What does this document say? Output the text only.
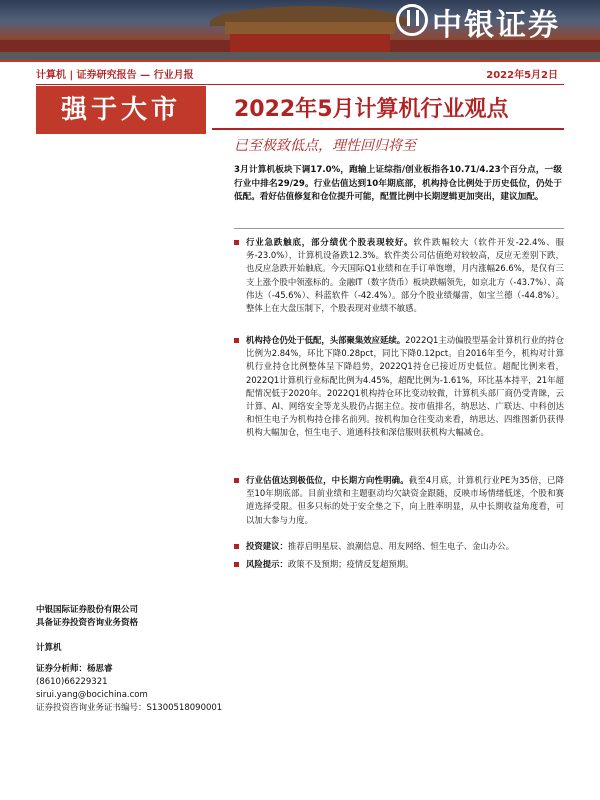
中银证券
计算机 | 证券研究报告 — 行业月报	2022年5月2日
强于大市	2022年5月计算机行业观点
已至极致低点，理性回归将至
3月计算机板块下调17.0%，跑输上证综指/创业板指各10.71/4.23个百分点，一级行业中排名29/29。行业估值达到10年期底部，机构持仓比例处于历史低位，仍处于低配。看好估值修复和仓位提升可能，配置比例中长期逻辑更加突出，建议加配。
行业急跌触底，部分绩优个股表现较好。软件跌幅较大（软件开发-22.4%、服务-23.0%），计算机设备跌12.3%。软件类公司估值绝对较较高，反应无差别下跌，也反应急跌开始触底。今天国际Q1业绩和在手订单饱增，月内涨幅26.6%，是仅有三支上涨个股中领涨标的。金融IT（数字货币）板块跌幅领先，如京北方（-43.7%）、高伟达（-45.6%）、科蓝软件（-42.4%）。部分个股业绩爆雷，如宝兰德（-44.8%）。整体上在大盘压制下，个股表现对业绩不敏感。
机构持仓仍处于低配，头部聚集效应延续。2022Q1主动偏股型基金计算机行业的持仓比例为2.84%，环比下降0.28pct，同比下降0.12pct。自2016年至今，机构对计算机行业持仓比例整体呈下降趋势，2022Q1持仓已接近历史低位。超配比例来看，2022Q1计算机行业标配比例为4.45%，超配比例为-1.61%，环比基本持平，21年超配情况低于2020年。2022Q1机构持仓环比变动较微，计算机头部厂商仍受青睐，云计算、AI、网络安全等龙头股仍占据主位。按市值排名，纳思达、广联达、中科创达和恒生电子为机构持仓排名前列。按机构加仓往变动来看，纳思达、四维图新仍获得机构大幅加仓，恒生电子、道通科技和深信服则获机构大幅减仓。
行业估值达到极低位，中长期方向性明确。截至4月底，计算机行业PE为35倍，已降至10年期底部。目前业绩和主题驱动均欠缺资金跟随，反映市场情绪低迷，个股和赛道选择受限。但多只标的处于安全垫之下，向上胜率明显，从中长期收益角度看，可以加大参与力度。
投资建议：推荐启明星辰、浪潮信息、用友网络、恒生电子、金山办公。
风险提示：政策不及预期；疫情反复超预期。
中银国际证券股份有限公司
具备证券投资咨询业务资格
计算机
证券分析师：杨思睿
(8610)66229321
sirui.yang@bocichina.com
证券投资咨询业务证书编号：S1300518090001
